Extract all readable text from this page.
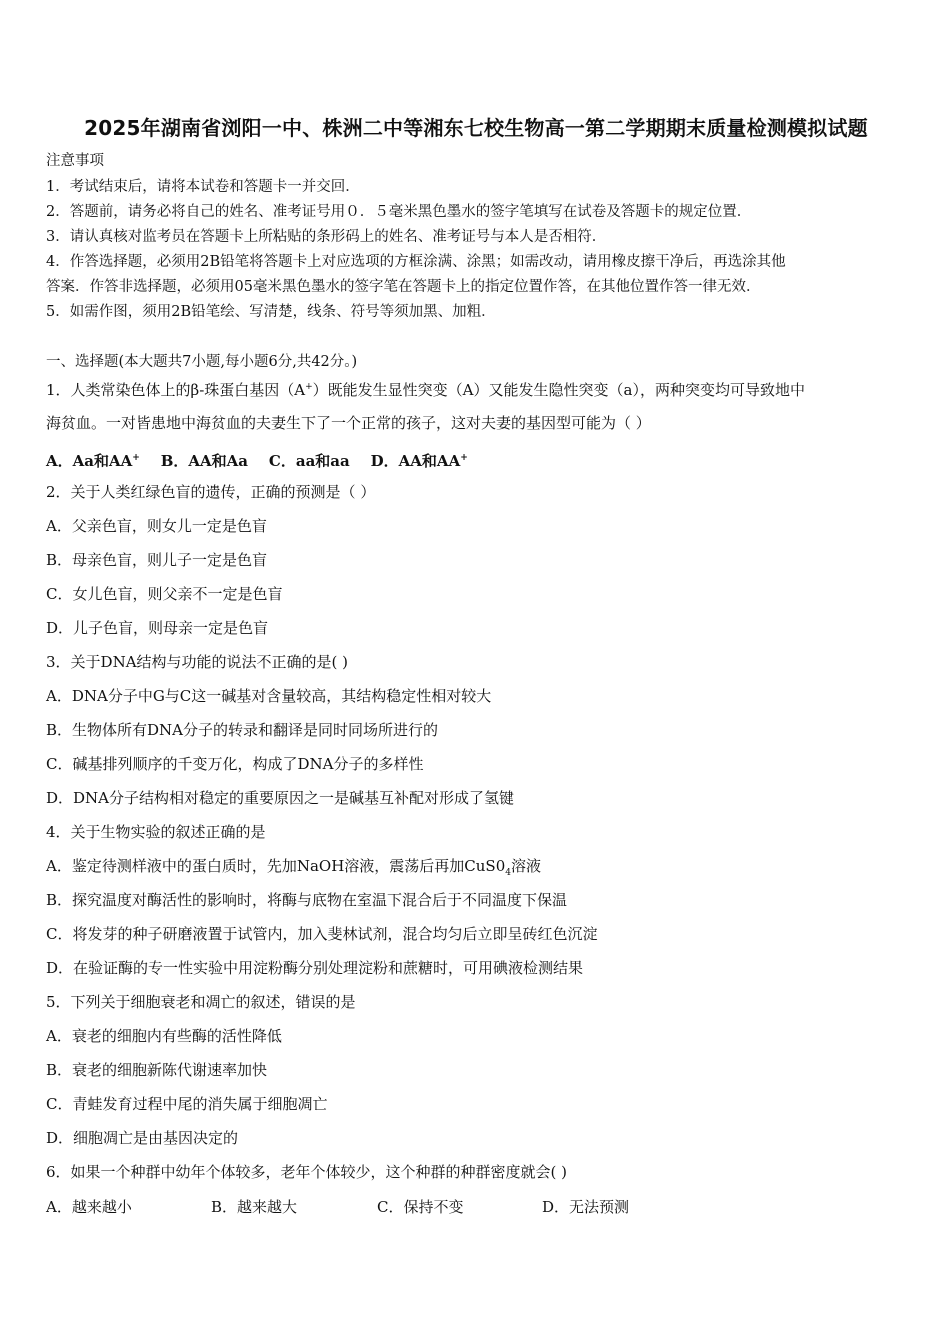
2025年湖南省浏阳一中、株洲二中等湘东七校生物高一第二学期期末质量检测模拟试题
注意事项
1．考试结束后，请将本试卷和答题卡一并交回．
2．答题前，请务必将自己的姓名、准考证号用０．５毫米黑色墨水的签字笔填写在试卷及答题卡的规定位置．
3．请认真核对监考员在答题卡上所粘贴的条形码上的姓名、准考证号与本人是否相符．
4．作答选择题，必须用2B铅笔将答题卡上对应选项的方框涂满、涂黑；如需改动，请用橡皮擦干净后，再选涂其他
答案．作答非选择题，必须用05毫米黑色墨水的签字笔在答题卡上的指定位置作答，在其他位置作答一律无效．
5．如需作图，须用2B铅笔绘、写清楚，线条、符号等须加黑、加粗．
一、选择题(本大题共7小题,每小题6分,共42分。)
1．人类常染色体上的β-珠蛋白基因（A+）既能发生显性突变（A）又能发生隐性突变（a），两种突变均可导致地中
海贫血。一对皆患地中海贫血的夫妻生下了一个正常的孩子，这对夫妻的基因型可能为（ ）
A．Aa和AA+ B．AA和Aa C．aa和aa D．AA和AA+
2．关于人类红绿色盲的遗传，正确的预测是（ ）
A．父亲色盲，则女儿一定是色盲
B．母亲色盲，则儿子一定是色盲
C．女儿色盲，则父亲不一定是色盲
D．儿子色盲，则母亲一定是色盲
3．关于DNA结构与功能的说法不正确的是( )
A．DNA分子中G与C这一碱基对含量较高，其结构稳定性相对较大
B．生物体所有DNA分子的转录和翻译是同时同场所进行的
C．碱基排列顺序的千变万化，构成了DNA分子的多样性
D．DNA分子结构相对稳定的重要原因之一是碱基互补配对形成了氢键
4．关于生物实验的叙述正确的是
A．鉴定待测样液中的蛋白质时，先加NaOH溶液，震荡后再加$CuS0_4$溶液
B．探究温度对酶活性的影响时，将酶与底物在室温下混合后于不同温度下保温
C．将发芽的种子研磨液置于试管内，加入斐林试剂，混合均匀后立即呈砖红色沉淀
D．在验证酶的专一性实验中用淀粉酶分别处理淀粉和蔗糖时，可用碘液检测结果
5．下列关于细胞衰老和凋亡的叙述，错误的是
A．衰老的细胞内有些酶的活性降低
B．衰老的细胞新陈代谢速率加快
C．青蛙发育过程中尾的消失属于细胞凋亡
D．细胞凋亡是由基因决定的
6．如果一个种群中幼年个体较多，老年个体较少，这个种群的种群密度就会( )
A．越来越小	B．越来越大	C．保持不变	D．无法预测
